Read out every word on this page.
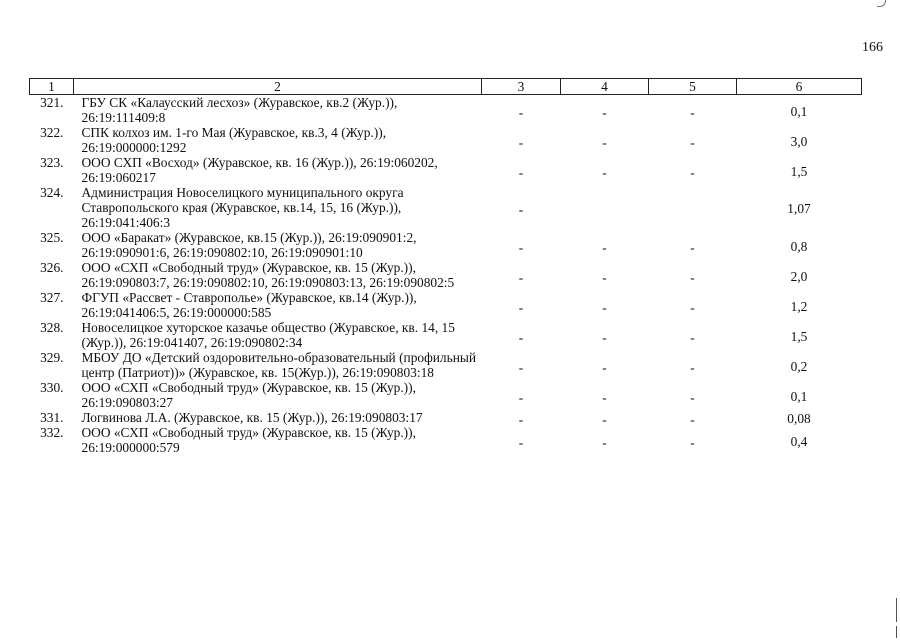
166
1	2	3	4	5	6
321.	ГБУ СК «Калаусский лесхоз» (Журавское, кв.2 (Жур.)), 26:19:111409:8	-	-	-	0,1
322.	СПК колхоз им. 1-го Мая (Журавское, кв.3, 4 (Жур.)), 26:19:000000:1292	-	-	-	3,0
323.	ООО СХП «Восход» (Журавское, кв. 16 (Жур.)), 26:19:060202, 26:19:060217	-	-	-	1,5
324.	Администрация Новоселицкого муниципального округа Ставропольского края (Журавское, кв.14, 15, 16 (Жур.)), 26:19:041:406:3	-			1,07
325.	ООО «Баракат» (Журавское, кв.15 (Жур.)), 26:19:090901:2, 26:19:090901:6, 26:19:090802:10, 26:19:090901:10	-	-	-	0,8
326.	ООО «СХП «Свободный труд» (Журавское, кв. 15 (Жур.)), 26:19:090803:7, 26:19:090802:10, 26:19:090803:13, 26:19:090802:5	-	-	-	2,0
327.	ФГУП «Рассвет - Ставрополье» (Журавское, кв.14 (Жур.)), 26:19:041406:5, 26:19:000000:585	-	-	-	1,2
328.	Новоселицкое хуторское казачье общество (Журавское, кв. 14, 15 (Жур.)), 26:19:041407, 26:19:090802:34	-	-	-	1,5
329.	МБОУ ДО «Детский оздоровительно-образовательный (профильный центр (Патриот))» (Журавское, кв. 15(Жур.)), 26:19:090803:18	-	-	-	0,2
330.	ООО «СХП «Свободный труд» (Журавское, кв. 15 (Жур.)), 26:19:090803:27	-	-	-	0,1
331.	Логвинова Л.А. (Журавское, кв. 15 (Жур.)), 26:19:090803:17	-	-	-	0,08
332.	ООО «СХП «Свободный труд» (Журавское, кв. 15 (Жур.)), 26:19:000000:579	-	-	-	0,4
